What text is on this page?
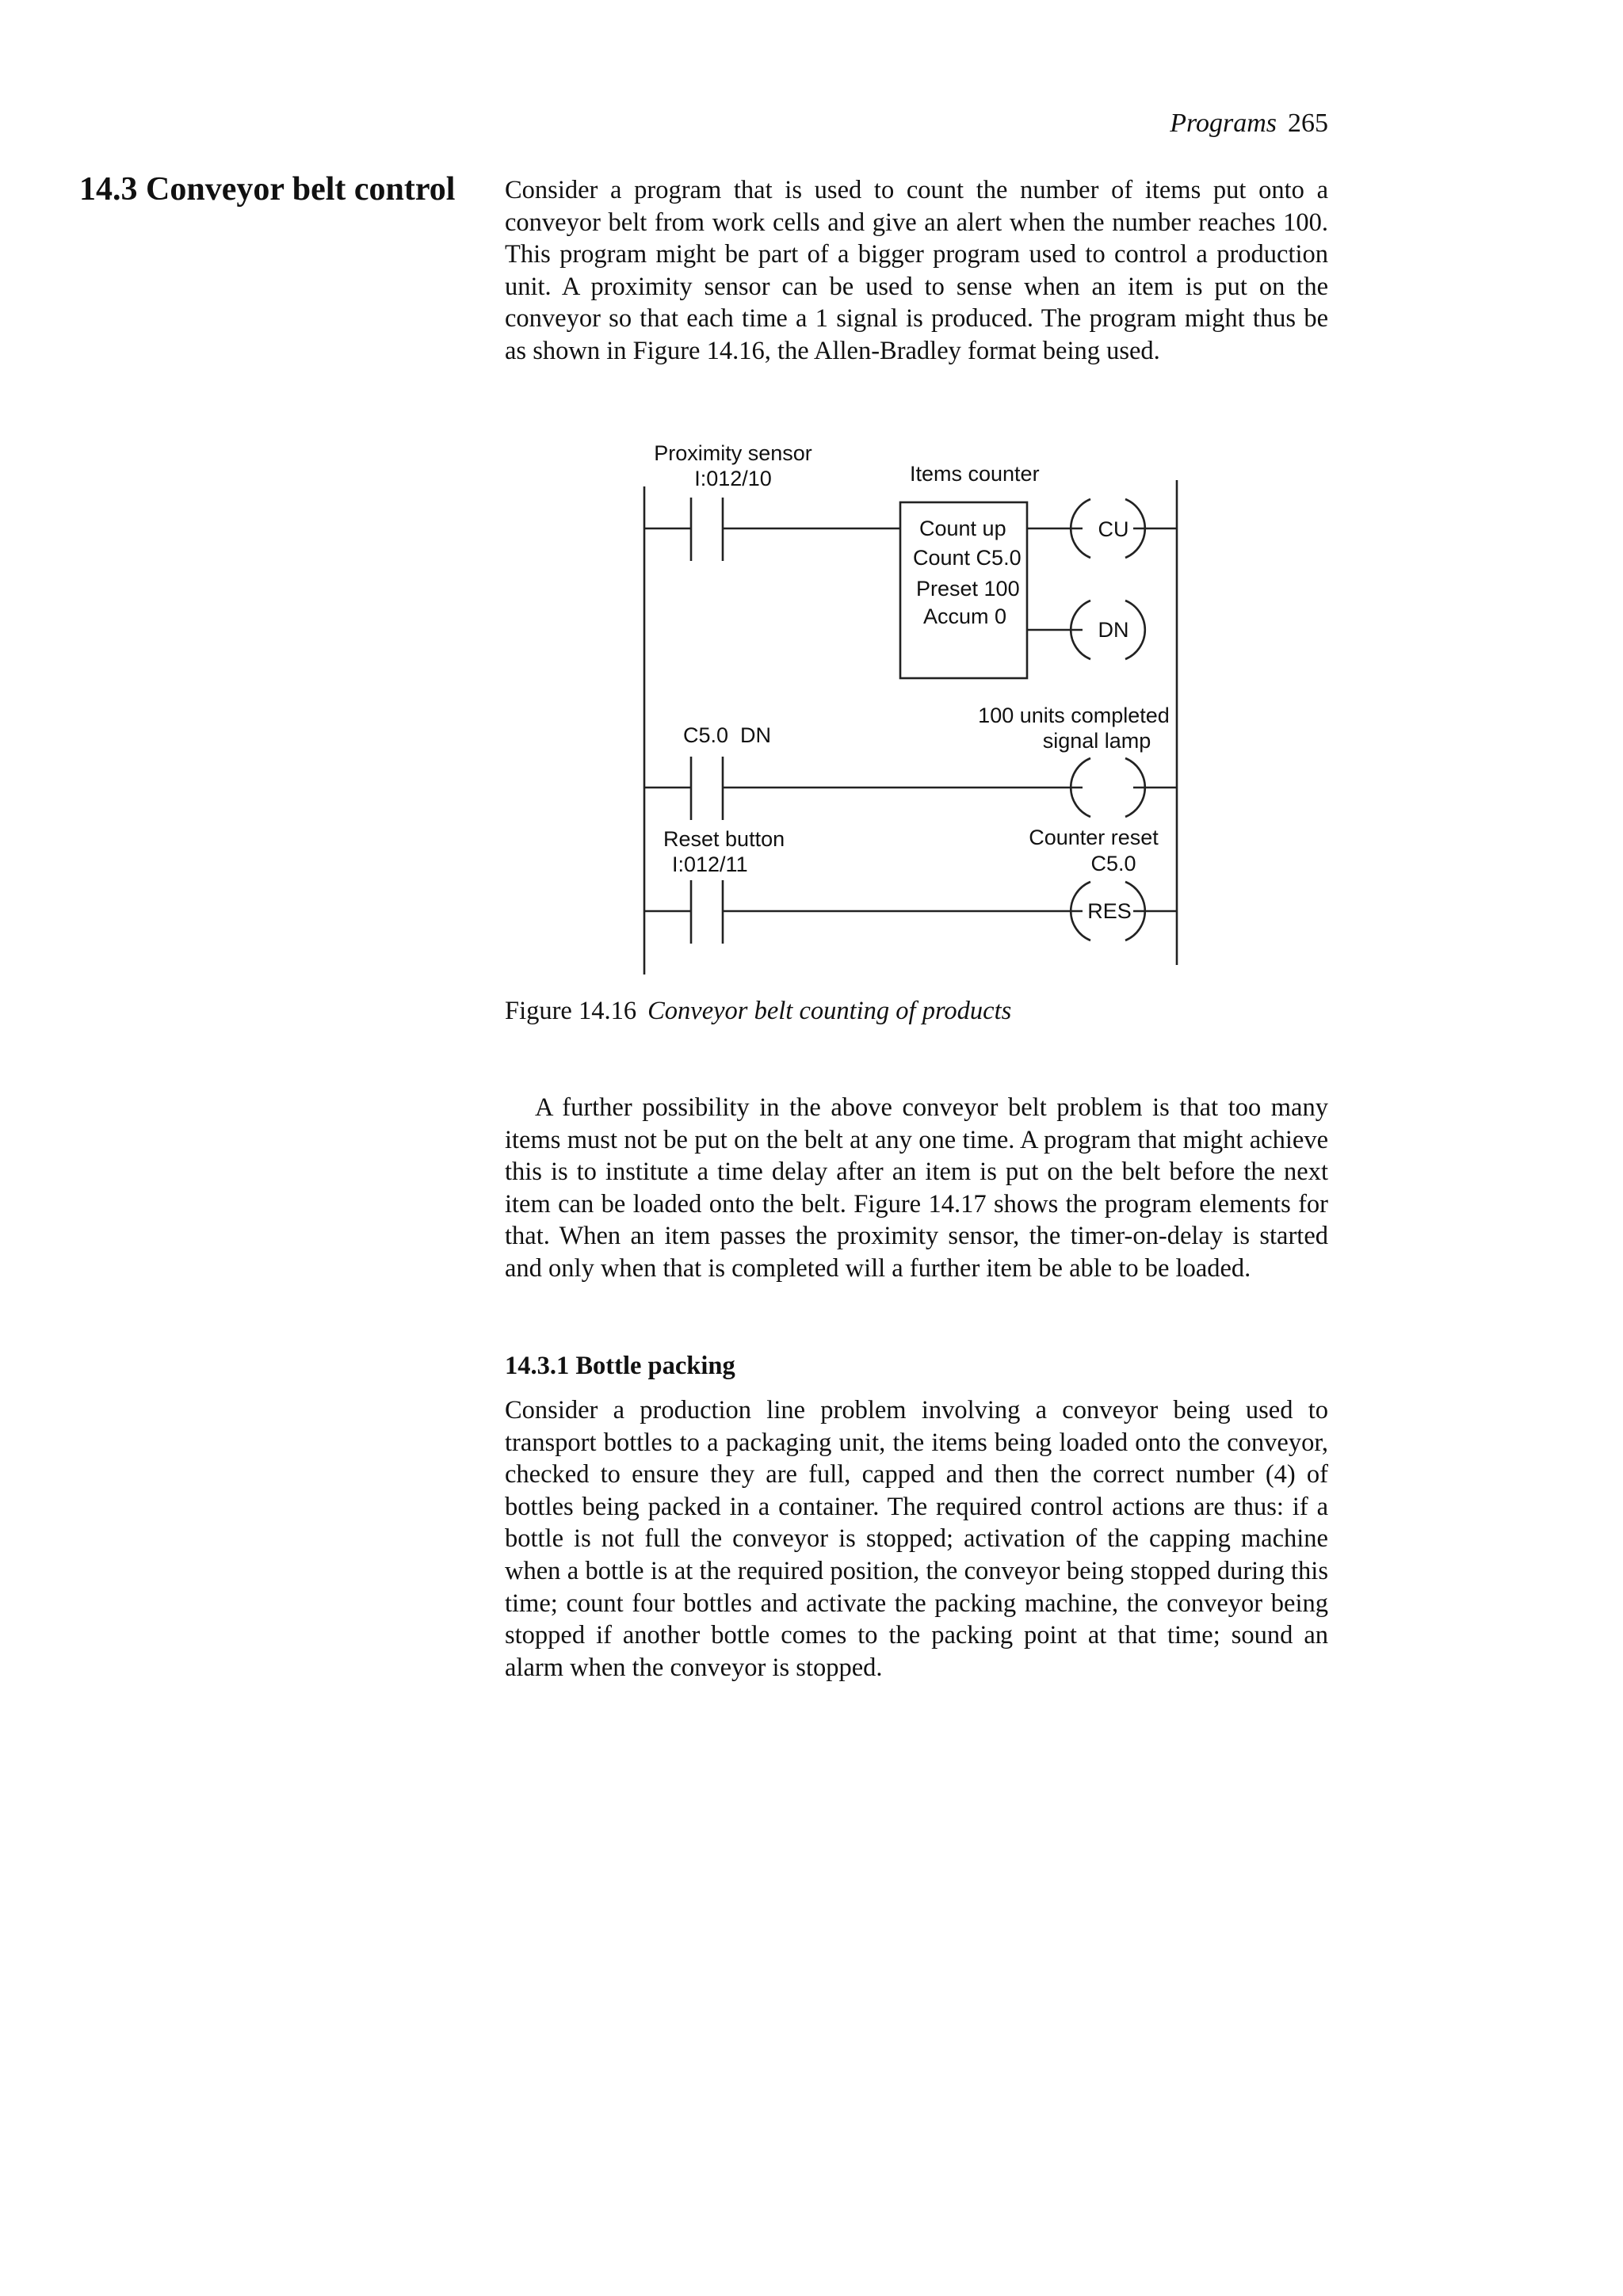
Programs 265
14.3 Conveyor belt control Consider a program that is used to count the number of items put onto a conveyor belt from work cells and give an alert when the number reaches 100. This program might be part of a bigger program used to control a production unit. A proximity sensor can be used to sense when an item is put on the conveyor so that each time a 1 signal is produced. The program might thus be as shown in Figure 14.16, the Allen-Bradley format being used.

Proximity sensor
I:012/10	Items counter
Count up
Count C5.0
Preset 100
Accum 0
CU
DN
C5.0  DN
100 units completed
signal lamp
Reset button
I:012/11
Counter reset
C5.0
RES
Figure 14.16 Conveyor belt counting of products

A further possibility in the above conveyor belt problem is that too many items must not be put on the belt at any one time. A program that might achieve this is to institute a time delay after an item is put on the belt before the next item can be loaded onto the belt. Figure 14.17 shows the program elements for that. When an item passes the proximity sensor, the timer-on-delay is started and only when that is completed will a further item be able to be loaded.

14.3.1 Bottle packing

Consider a production line problem involving a conveyor being used to transport bottles to a packaging unit, the items being loaded onto the conveyor, checked to ensure they are full, capped and then the correct number (4) of bottles being packed in a container. The required control actions are thus: if a bottle is not full the conveyor is stopped; activation of the capping machine when a bottle is at the required position, the conveyor being stopped during this time; count four bottles and activate the packing machine, the conveyor being stopped if another bottle comes to the packing point at that time; sound an alarm when the conveyor is stopped.
